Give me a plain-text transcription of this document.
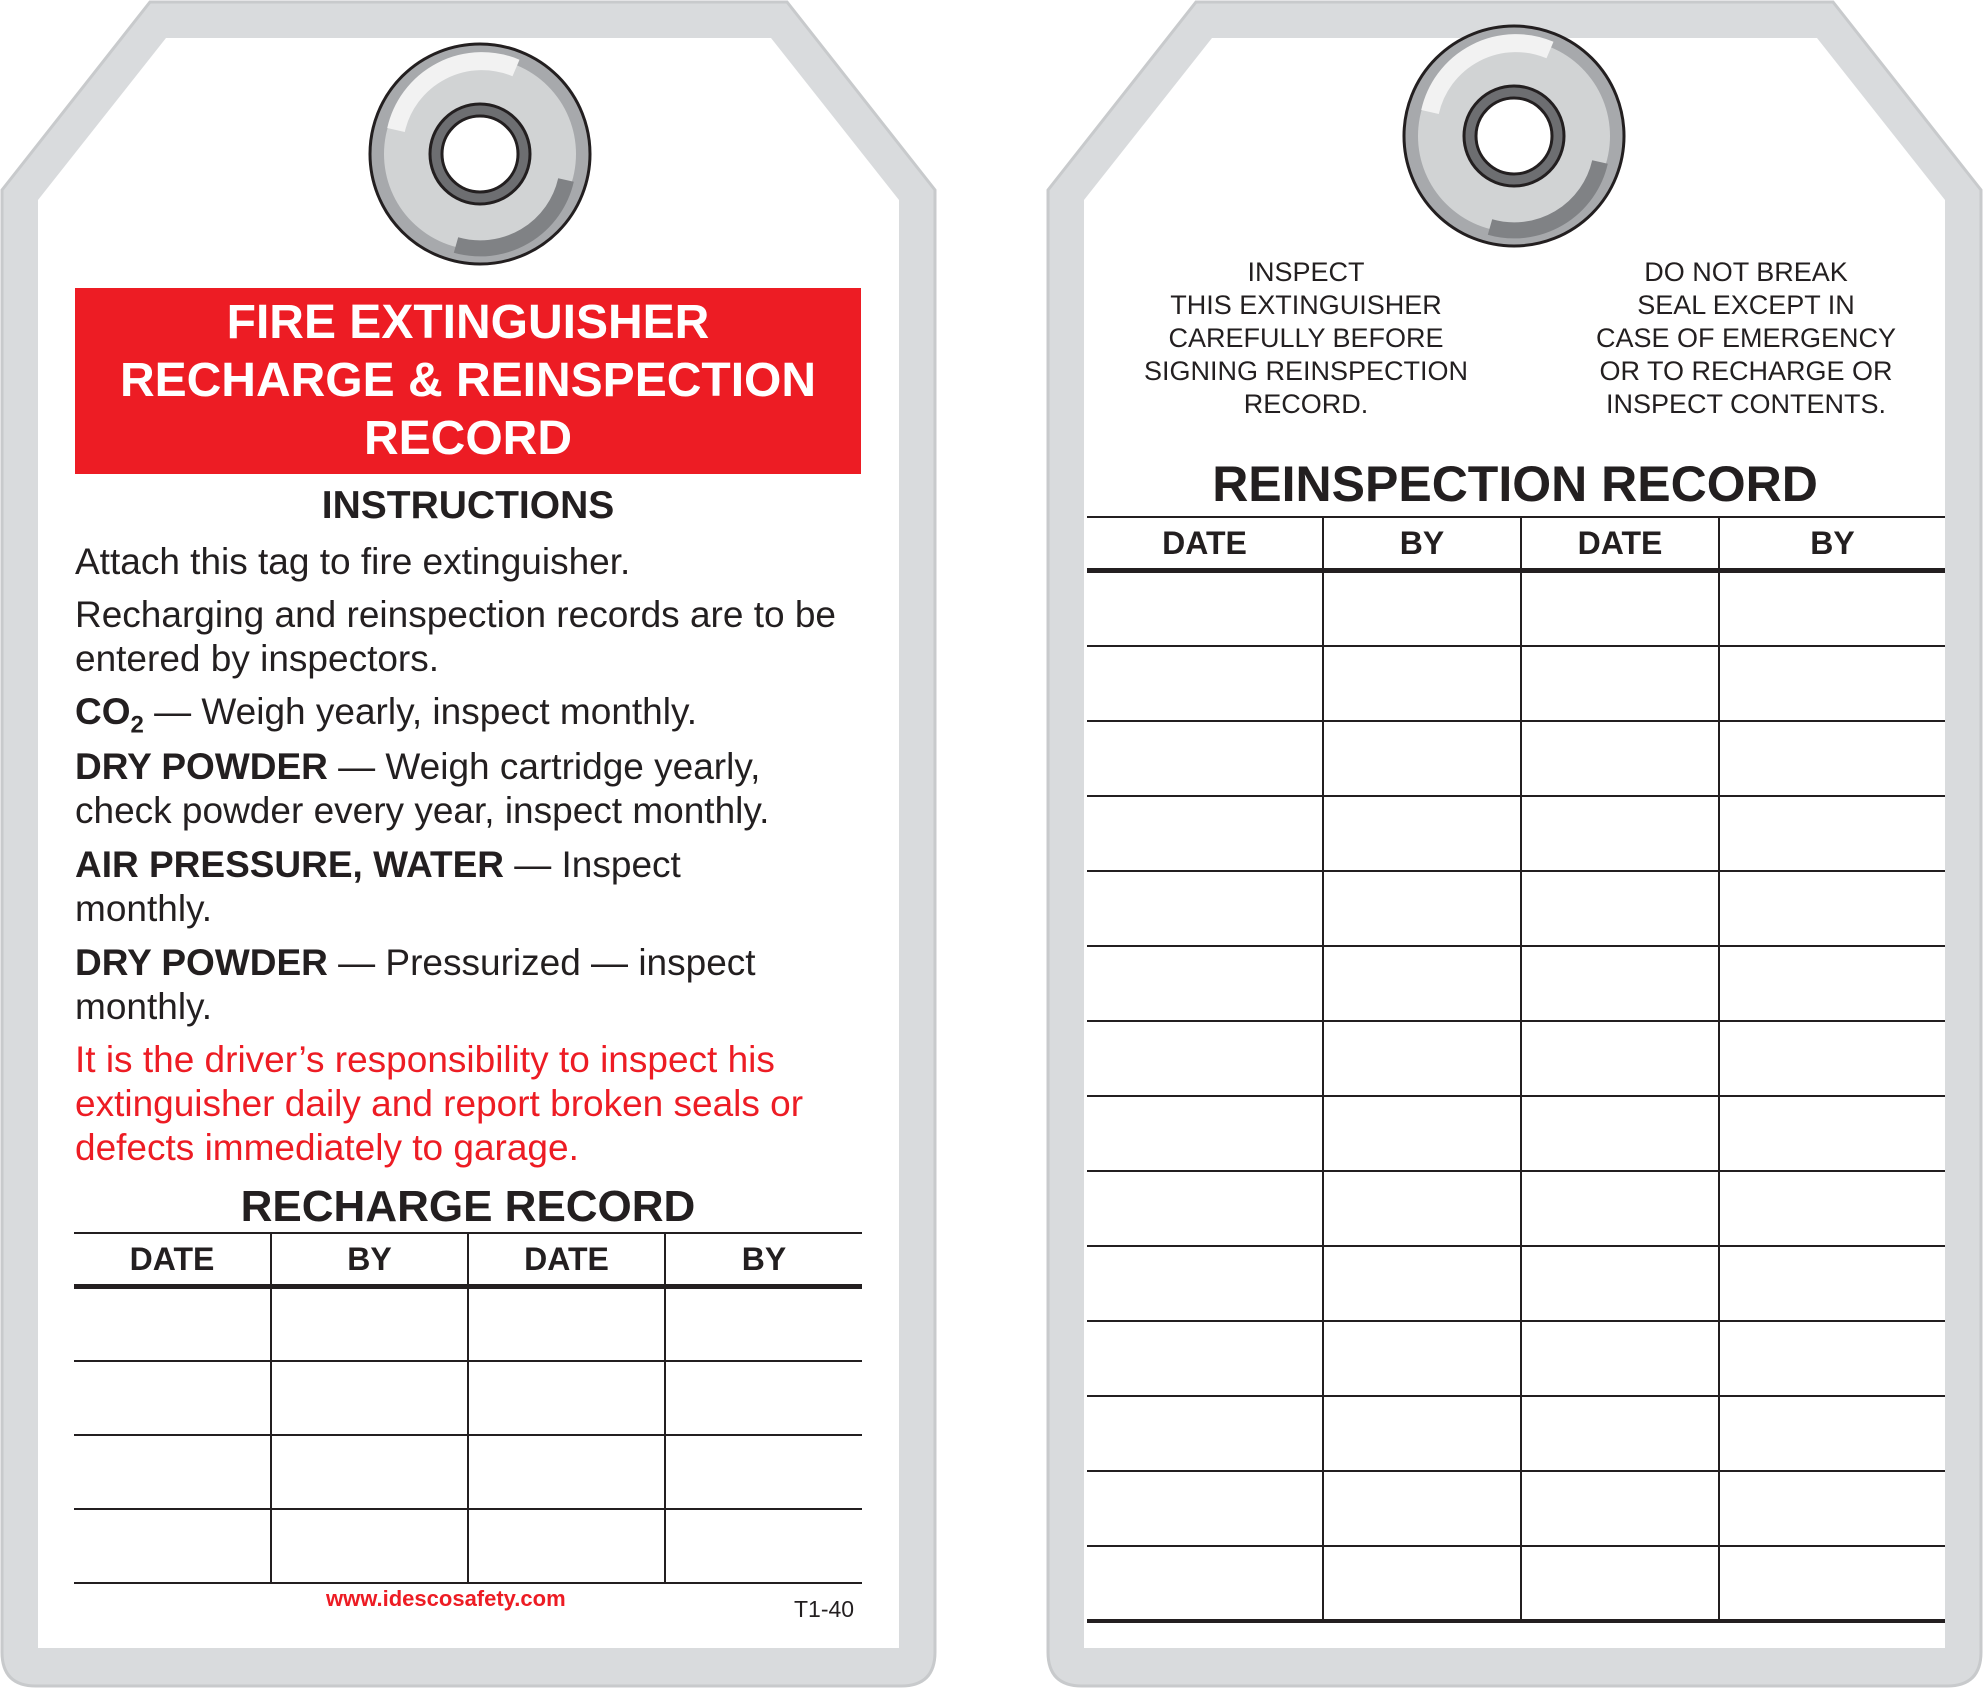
FIRE EXTINGUISHER
RECHARGE & REINSPECTION
RECORD
INSTRUCTIONS
Attach this tag to fire extinguisher.
Recharging and reinspection records are to be entered by inspectors.
$CO_2$ — Weigh yearly, inspect monthly.
DRY POWDER — Weigh cartridge yearly, check powder every year, inspect monthly.
AIR PRESSURE, WATER — Inspect monthly.
DRY POWDER — Pressurized — inspect monthly.
It is the driver’s responsibility to inspect his extinguisher daily and report broken seals or defects immediately to garage.
RECHARGE RECORD
DATE	BY	DATE	BY

www.idescosafety.com	T1-40
INSPECT
THIS EXTINGUISHER
CAREFULLY BEFORE
SIGNING REINSPECTION
RECORD.
DO NOT BREAK
SEAL EXCEPT IN
CASE OF EMERGENCY
OR TO RECHARGE OR
INSPECT CONTENTS.
REINSPECTION RECORD
DATE	BY	DATE	BY
